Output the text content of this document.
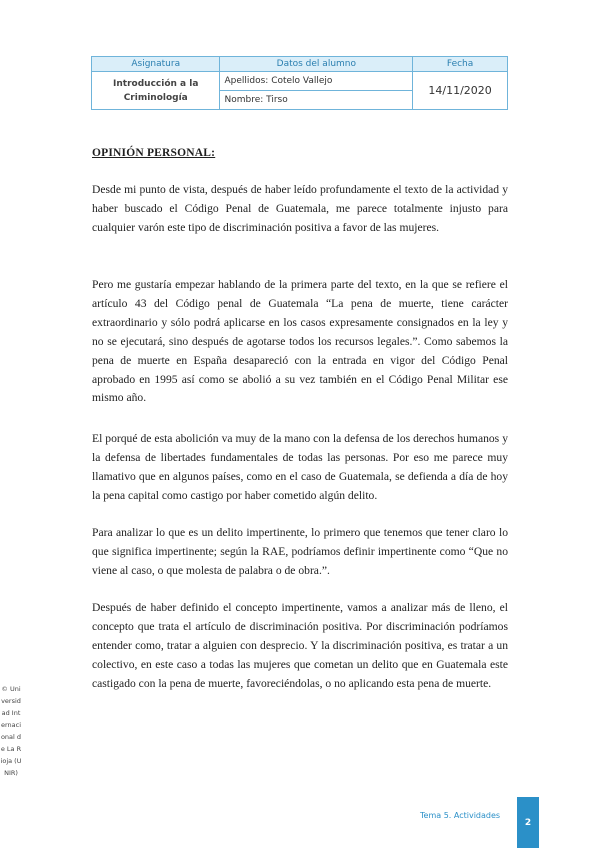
Asignatura	Datos del alumno	Fecha
Introducción a la
Criminología	Apellidos: Cotelo Vallejo	14/11/2020
	Nombre: Tirso	
OPINIÓN PERSONAL:

Desde mi punto de vista, después de haber leído profundamente el texto de la actividad y haber buscado el Código Penal de Guatemala, me parece totalmente injusto para cualquier varón este tipo de discriminación positiva a favor de las mujeres.

Pero me gustaría empezar hablando de la primera parte del texto, en la que se refiere el artículo 43 del Código penal de Guatemala “La pena de muerte, tiene carácter extraordinario y sólo podrá aplicarse en los casos expresamente consignados en la ley y no se ejecutará, sino después de agotarse todos los recursos legales.”. Como sabemos la pena de muerte en España desapareció con la entrada en vigor del Código Penal aprobado en 1995 así como se abolió a su vez también en el Código Penal Militar ese mismo año.

El porqué de esta abolición va muy de la mano con la defensa de los derechos humanos y la defensa de libertades fundamentales de todas las personas. Por eso me parece muy llamativo que en algunos países, como en el caso de Guatemala, se defienda a día de hoy la pena capital como castigo por haber cometido algún delito.

Para analizar lo que es un delito impertinente, lo primero que tenemos que tener claro lo que significa impertinente; según la RAE, podríamos definir impertinente como “Que no viene al caso, o que molesta de palabra o de obra.”.

Después de haber definido el concepto impertinente, vamos a analizar más de lleno, el concepto que trata el artículo de discriminación positiva. Por discriminación podríamos entender como, tratar a alguien con desprecio. Y la discriminación positiva, es tratar a un colectivo, en este caso a todas las mujeres que cometan un delito que en Guatemala este castigado con la pena de muerte, favoreciéndolas, o no aplicando esta pena de muerte.

© Universidad Internacional de La Rioja (UNIR)
Tema 5. Actividades
2
